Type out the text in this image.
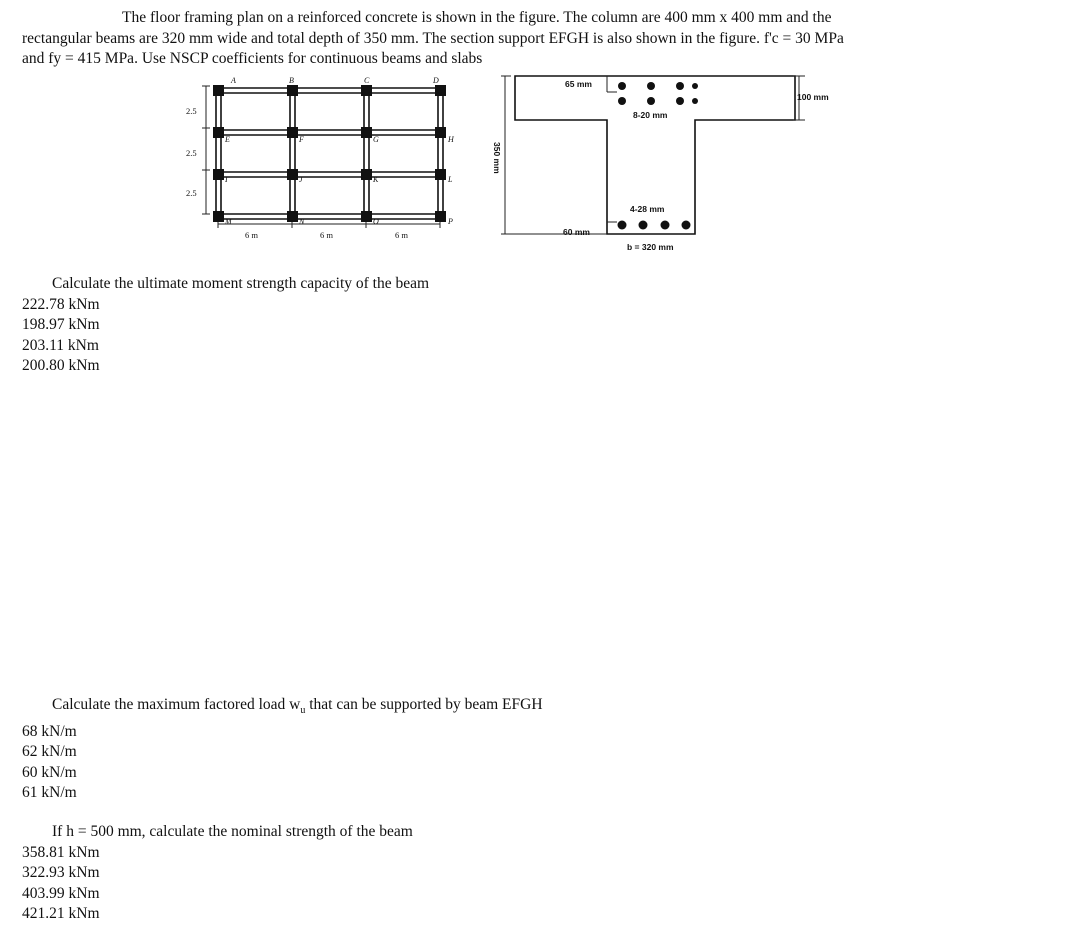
The floor framing plan on a reinforced concrete is shown in the figure. The column are 400 mm x 400 mm and the
rectangular beams are 320 mm wide and total depth of 350 mm. The section support EFGH is also shown in the figure. f'c = 30 MPa
and fy = 415 MPa. Use NSCP coefficients for continuous beams and slabs
A	B	C	D
E	F	G	H
I	J	K	L
M	N	O	P
2.5
2.5
2.5
6 m	6 m	6 m
350 mm
65 mm
8-20 mm
4-28 mm
60 mm
b = 320 mm
100 mm
Calculate the ultimate moment strength capacity of the beam
222.78 kNm
198.97 kNm
203.11 kNm
200.80 kNm
Calculate the maximum factored load $w_u$ that can be supported by beam EFGH
68 kN/m
62 kN/m
60 kN/m
61 kN/m
If h = 500 mm, calculate the nominal strength of the beam
358.81 kNm
322.93 kNm
403.99 kNm
421.21 kNm
